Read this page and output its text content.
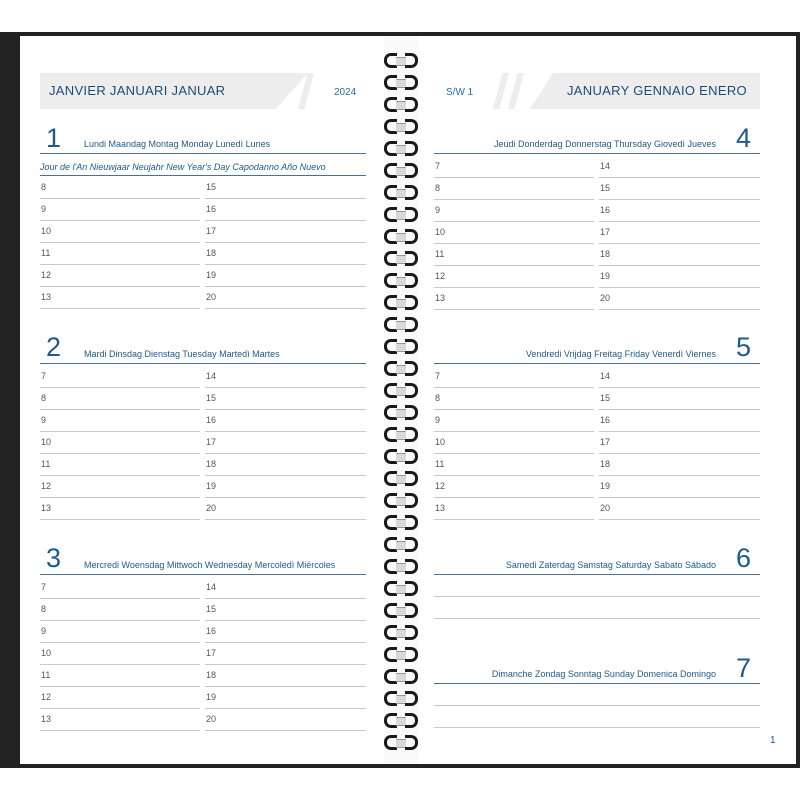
JANVIER JANUARI JANUAR	2024	S/W 1	JANUARY GENNAIO ENERO
1	Lundi Maandag Montag Monday Lunedì Lunes
Jour de l'An Nieuwjaar Neujahr New Year's Day Capodanno Año Nuevo
8
9
10
11
12
13
15
16
17
18
19
20
2	Mardi Dinsdag Dienstag Tuesday Martedì Martes
7
8
9
10
11
12
13
14
15
16
17
18
19
20
3	Mercredi Woensdag Mittwoch Wednesday Mercoledì Miércoles
7
8
9
10
11
12
13
14
15
16
17
18
19
20
Jeudi Donderdag Donnerstag Thursday Giovedì Jueves 4
7
8
9
10
11
12
13
14
15
16
17
18
19
20
Vendredi Vrijdag Freitag Friday Venerdì Viernes 5
7
8
9
10
11
12
13
14
15
16
17
18
19
20
Samedi Zaterdag Samstag Saturday Sabato Sábado 6
Dimanche Zondag Sonntag Sunday Domenica Domingo 7
1
